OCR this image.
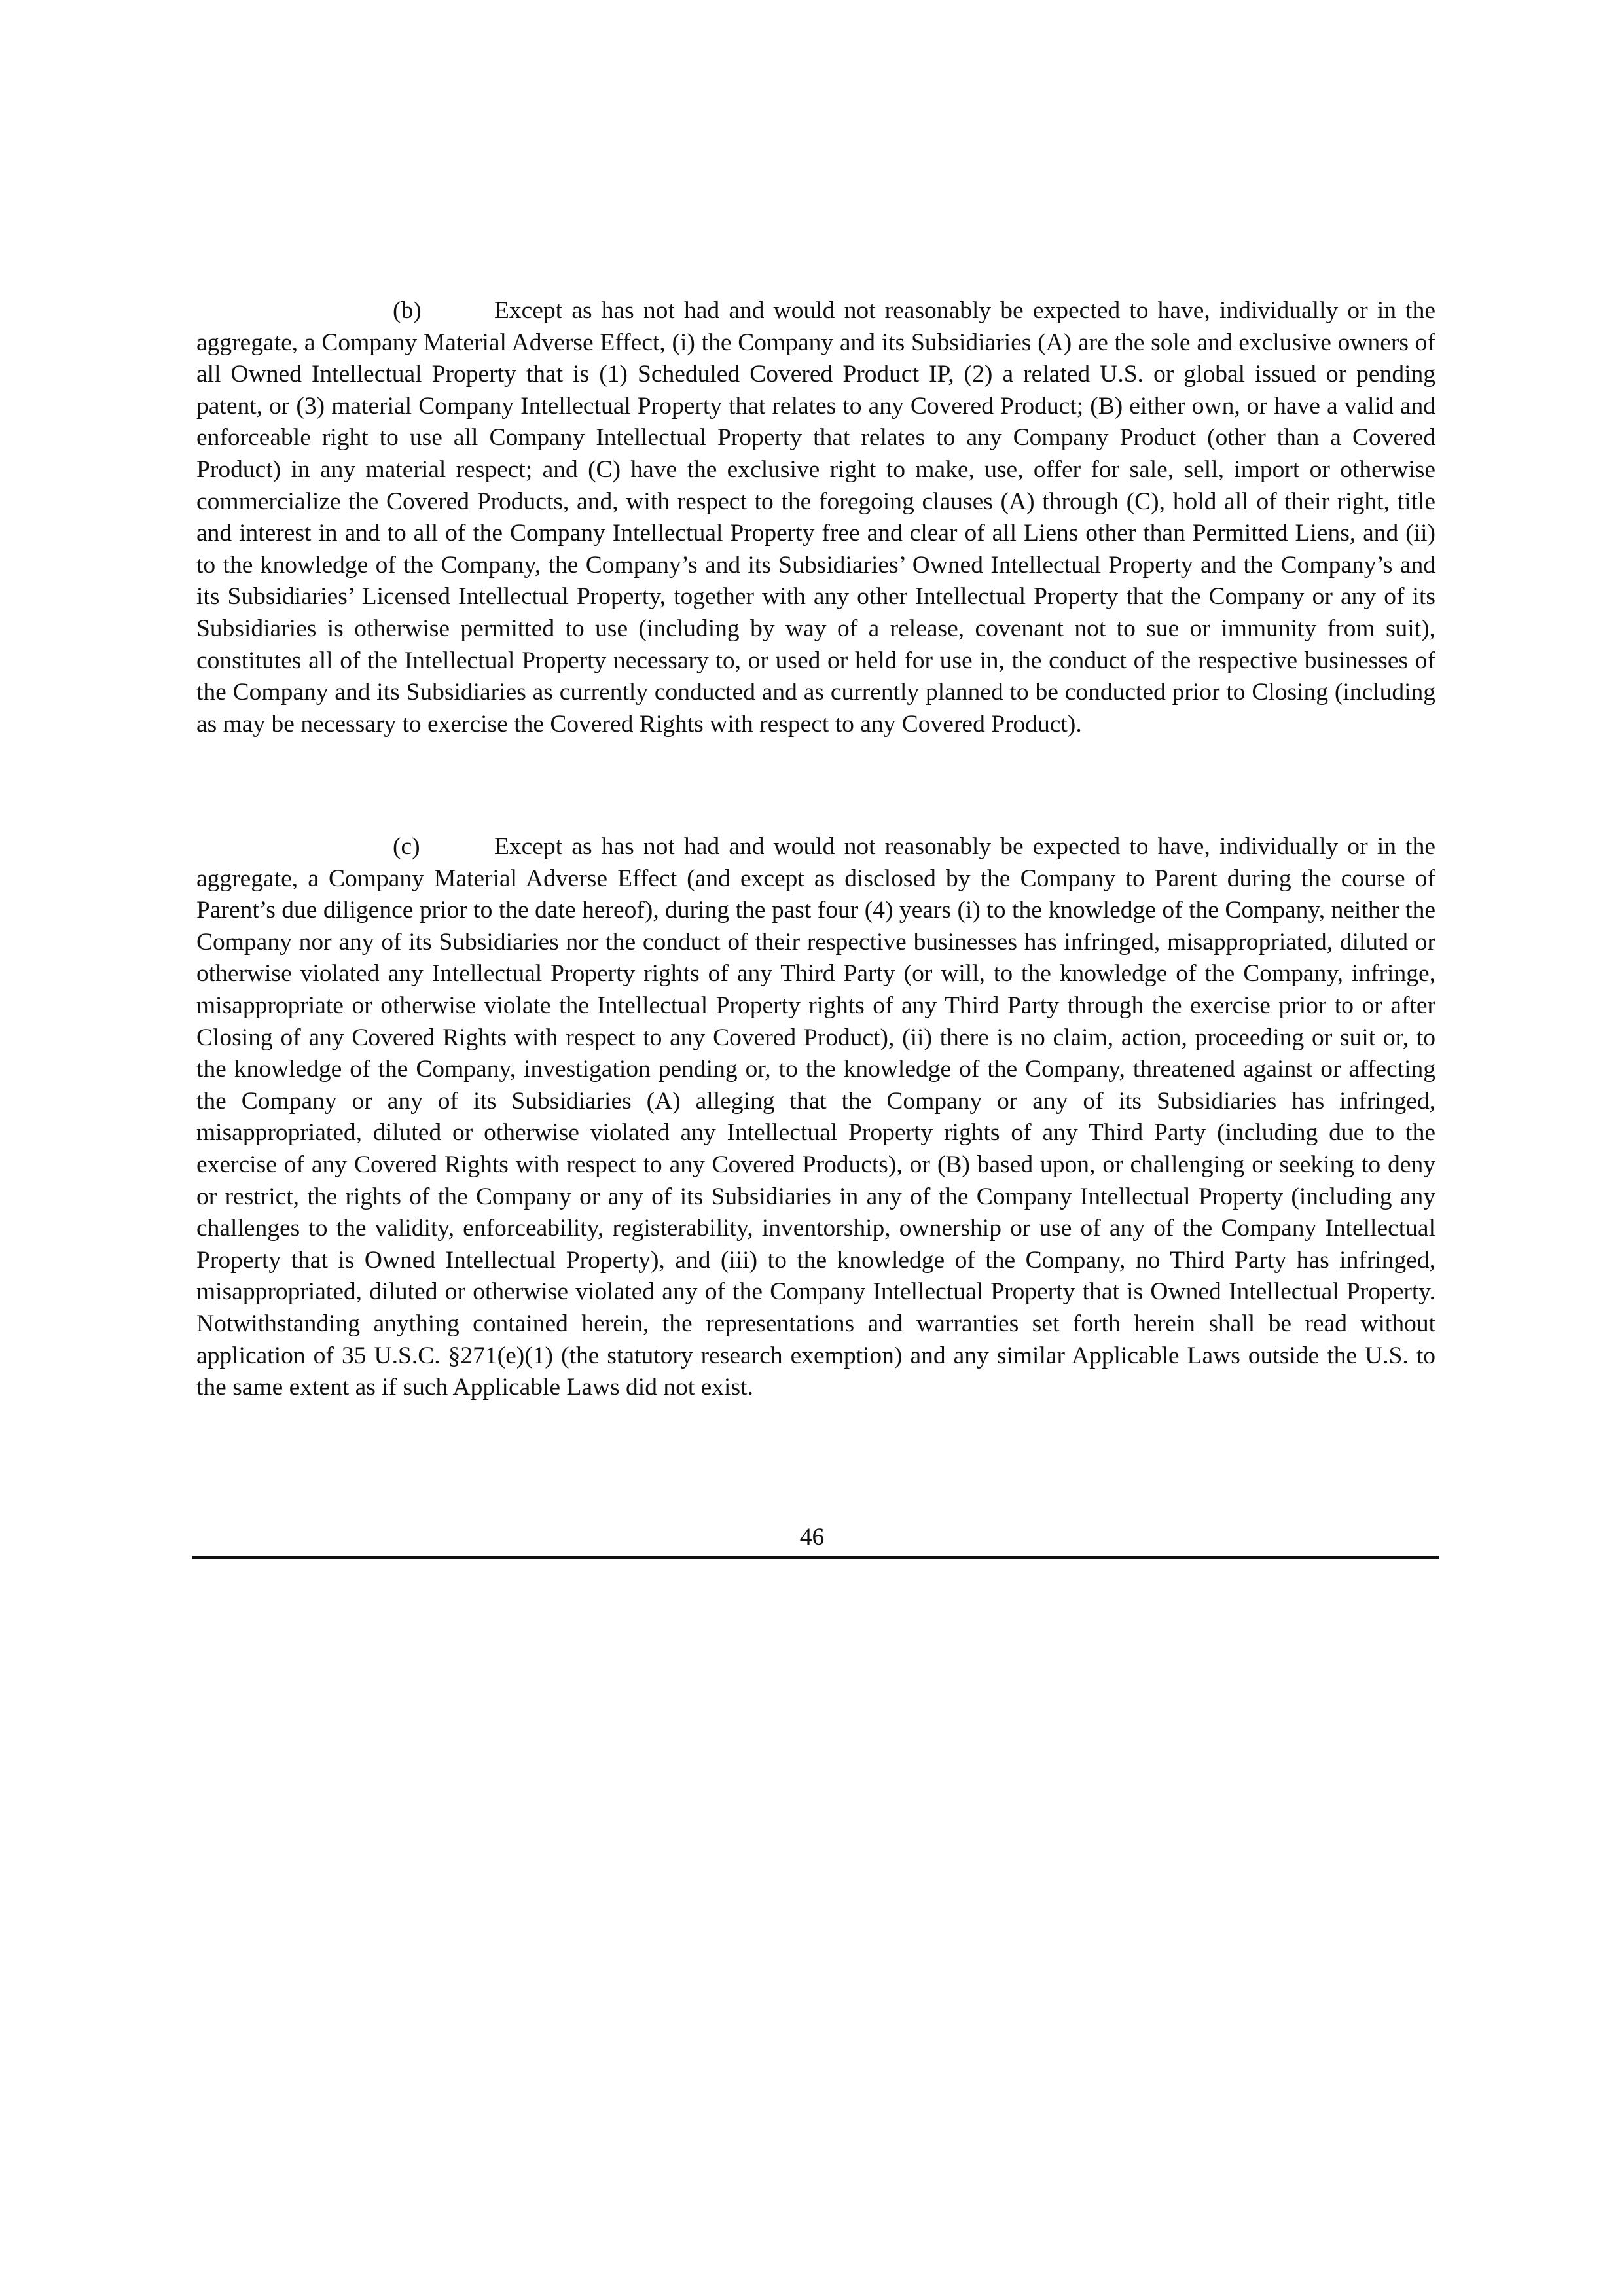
(b)	Except as has not had and would not reasonably be expected to have, individually or in the aggregate, a Company Material Adverse Effect, (i) the Company and its Subsidiaries (A) are the sole and exclusive owners of all Owned Intellectual Property that is (1) Scheduled Covered Product IP, (2) a related U.S. or global issued or pending patent, or (3) material Company Intellectual Property that relates to any Covered Product; (B) either own, or have a valid and enforceable right to use all Company Intellectual Property that relates to any Company Product (other than a Covered Product) in any material respect; and (C) have the exclusive right to make, use, offer for sale, sell, import or otherwise commercialize the Covered Products, and, with respect to the foregoing clauses (A) through (C), hold all of their right, title and interest in and to all of the Company Intellectual Property free and clear of all Liens other than Permitted Liens, and (ii) to the knowledge of the Company, the Company’s and its Subsidiaries’ Owned Intellectual Property and the Company’s and its Subsidiaries’ Licensed Intellectual Property, together with any other Intellectual Property that the Company or any of its Subsidiaries is otherwise permitted to use (including by way of a release, covenant not to sue or immunity from suit), constitutes all of the Intellectual Property necessary to, or used or held for use in, the conduct of the respective businesses of the Company and its Subsidiaries as currently conducted and as currently planned to be conducted prior to Closing (including as may be necessary to exercise the Covered Rights with respect to any Covered Product).

(c)	Except as has not had and would not reasonably be expected to have, individually or in the aggregate, a Company Material Adverse Effect (and except as disclosed by the Company to Parent during the course of Parent’s due diligence prior to the date hereof), during the past four (4) years (i) to the knowledge of the Company, neither the Company nor any of its Subsidiaries nor the conduct of their respective businesses has infringed, misappropriated, diluted or otherwise violated any Intellectual Property rights of any Third Party (or will, to the knowledge of the Company, infringe, misappropriate or otherwise violate the Intellectual Property rights of any Third Party through the exercise prior to or after Closing of any Covered Rights with respect to any Covered Product), (ii) there is no claim, action, proceeding or suit or, to the knowledge of the Company, investigation pending or, to the knowledge of the Company, threatened against or affecting the Company or any of its Subsidiaries (A) alleging that the Company or any of its Subsidiaries has infringed, misappropriated, diluted or otherwise violated any Intellectual Property rights of any Third Party (including due to the exercise of any Covered Rights with respect to any Covered Products), or (B) based upon, or challenging or seeking to deny or restrict, the rights of the Company or any of its Subsidiaries in any of the Company Intellectual Property (including any challenges to the validity, enforceability, registerability, inventorship, ownership or use of any of the Company Intellectual Property that is Owned Intellectual Property), and (iii) to the knowledge of the Company, no Third Party has infringed, misappropriated, diluted or otherwise violated any of the Company Intellectual Property that is Owned Intellectual Property. Notwithstanding anything contained herein, the representations and warranties set forth herein shall be read without application of 35 U.S.C. §271(e)(1) (the statutory research exemption) and any similar Applicable Laws outside the U.S. to the same extent as if such Applicable Laws did not exist.

46
